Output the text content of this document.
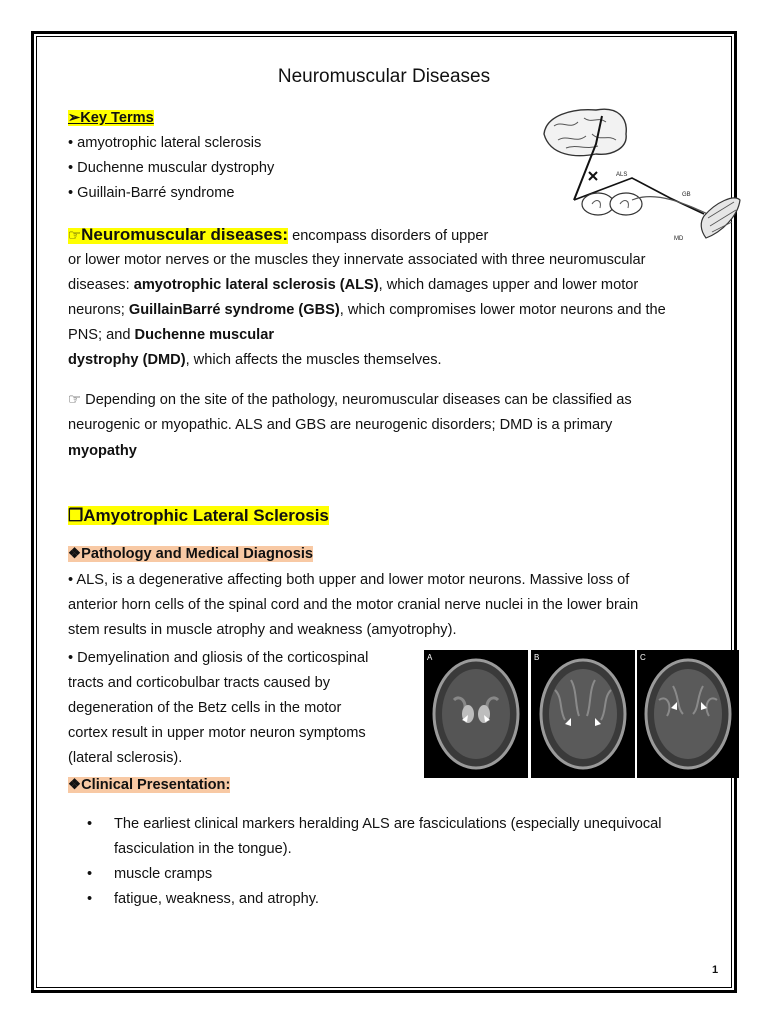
Neuromuscular Diseases
➢Key Terms
• amyotrophic lateral sclerosis
• Duchenne muscular dystrophy
• Guillain-Barré syndrome
ALS
GB
MD
☞Neuromuscular diseases: encompass disorders of upper
or lower motor nerves or the muscles they innervate associated with three neuromuscular
diseases: amyotrophic lateral sclerosis (ALS), which damages upper and lower motor
neurons; GuillainBarré syndrome (GBS), which compromises lower motor neurons and the
PNS; and Duchenne muscular
dystrophy (DMD), which affects the muscles themselves.
☞ Depending on the site of the pathology, neuromuscular diseases can be classified as
neurogenic or myopathic. ALS and GBS are neurogenic disorders; DMD is a primary
myopathy
❒Amyotrophic Lateral Sclerosis
❖Pathology and Medical Diagnosis
• ALS, is a degenerative affecting both upper and lower motor neurons. Massive loss of
anterior horn cells of the spinal cord and the motor cranial nerve nuclei in the lower brain
stem results in muscle atrophy and weakness (amyotrophy).
• Demyelination and gliosis of the corticospinal
tracts and corticobulbar tracts caused by
degeneration of the Betz cells in the motor
cortex result in upper motor neuron symptoms
(lateral sclerosis).
A	B	C
❖Clinical Presentation:
• The earliest clinical markers heralding ALS are fasciculations (especially unequivocal
fasciculation in the tongue).
• muscle cramps
• fatigue, weakness, and atrophy.
1
